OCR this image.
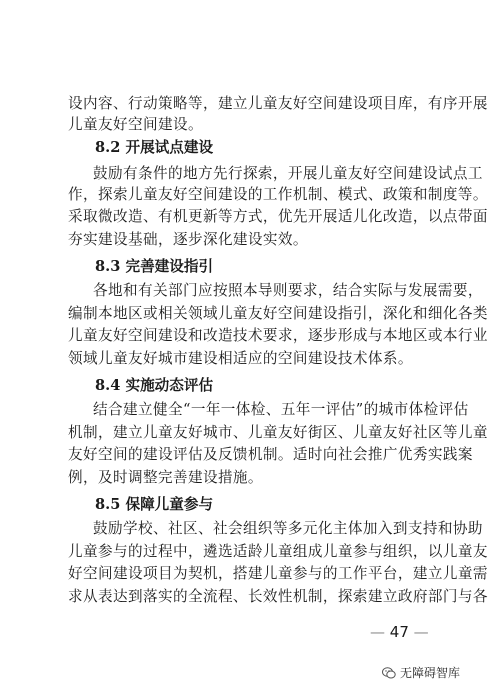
设内容、行动策略等，建立儿童友好空间建设项目库，有序开展
儿童友好空间建设。
鼓励有条件的地方先行探索，开展儿童友好空间建设试点工
作，探索儿童友好空间建设的工作机制、模式、政策和制度等。
采取微改造、有机更新等方式，优先开展适儿化改造，以点带面
夯实建设基础，逐步深化建设实效。
各地和有关部门应按照本导则要求，结合实际与发展需要，
编制本地区或相关领域儿童友好空间建设指引，深化和细化各类
儿童友好空间建设和改造技术要求，逐步形成与本地区或本行业
领域儿童友好城市建设相适应的空间建设技术体系。
结合建立健全“一年一体检、五年一评估”的城市体检评估
机制，建立儿童友好城市、儿童友好街区、儿童友好社区等儿童
友好空间的建设评估及反馈机制。适时向社会推广优秀实践案
例，及时调整完善建设措施。
鼓励学校、社区、社会组织等多元化主体加入到支持和协助
儿童参与的过程中，遴选适龄儿童组成儿童参与组织，以儿童友
好空间建设项目为契机，搭建儿童参与的工作平台，建立儿童需
求从表达到落实的全流程、长效性机制，探索建立政府部门与各
8.2 开展试点建设
8.3 完善建设指引
8.4 实施动态评估
8.5 保障儿童参与
— 47 —
无障碍智库
